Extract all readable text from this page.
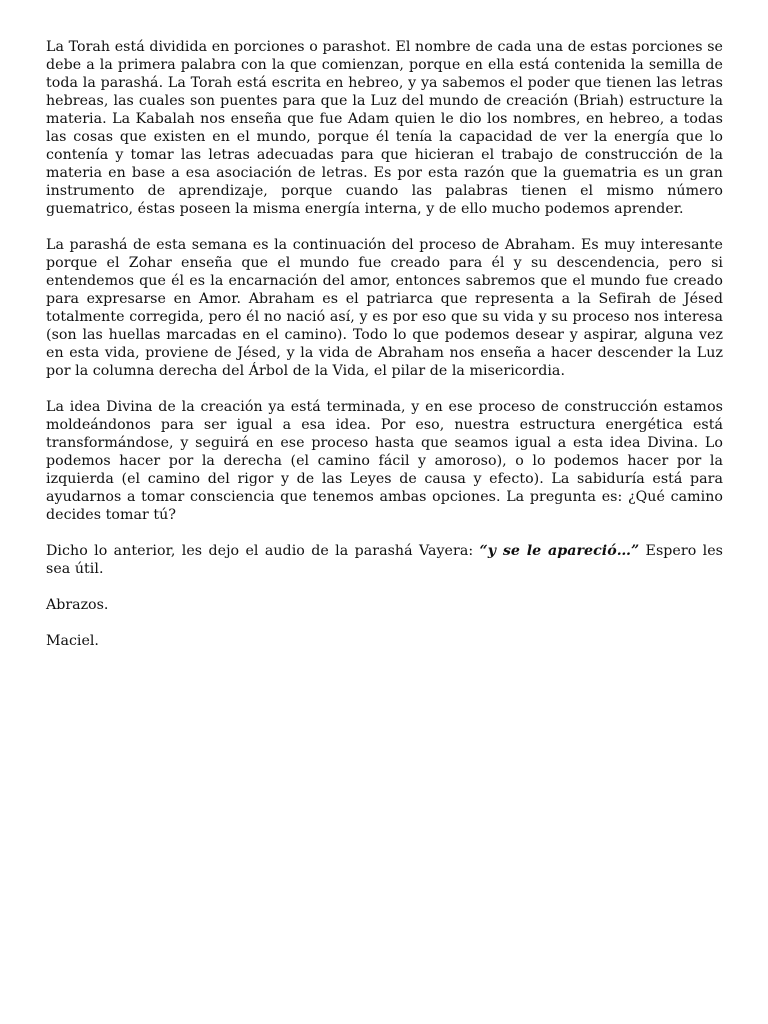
La Torah está dividida en porciones o parashot. El nombre de cada una de estas porciones se debe a la primera palabra con la que comienzan, porque en ella está contenida la semilla de toda la parashá. La Torah está escrita en hebreo, y ya sabemos el poder que tienen las letras hebreas, las cuales son puentes para que la Luz del mundo de creación (Briah) estructure la materia. La Kabalah nos enseña que fue Adam quien le dio los nombres, en hebreo, a todas las cosas que existen en el mundo, porque él tenía la capacidad de ver la energía que lo contenía y tomar las letras adecuadas para que hicieran el trabajo de construcción de la materia en base a esa asociación de letras. Es por esta razón que la guematria es un gran instrumento de aprendizaje, porque cuando las palabras tienen el mismo número guematrico, éstas poseen la misma energía interna, y de ello mucho podemos aprender.

La parashá de esta semana es la continuación del proceso de Abraham. Es muy interesante porque el Zohar enseña que el mundo fue creado para él y su descendencia, pero si entendemos que él es la encarnación del amor, entonces sabremos que el mundo fue creado para expresarse en Amor. Abraham es el patriarca que representa a la Sefirah de Jésed totalmente corregida, pero él no nació así, y es por eso que su vida y su proceso nos interesa (son las huellas marcadas en el camino). Todo lo que podemos desear y aspirar, alguna vez en esta vida, proviene de Jésed, y la vida de Abraham nos enseña a hacer descender la Luz por la columna derecha del Árbol de la Vida, el pilar de la misericordia.

La idea Divina de la creación ya está terminada, y en ese proceso de construcción estamos moldeándonos para ser igual a esa idea. Por eso, nuestra estructura energética está transformándose, y seguirá en ese proceso hasta que seamos igual a esta idea Divina. Lo podemos hacer por la derecha (el camino fácil y amoroso), o lo podemos hacer por la izquierda (el camino del rigor y de las Leyes de causa y efecto). La sabiduría está para ayudarnos a tomar consciencia que tenemos ambas opciones. La pregunta es: ¿Qué camino decides tomar tú?

Dicho lo anterior, les dejo el audio de la parashá Vayera: “y se le apareció…” Espero les sea útil.

Abrazos.

Maciel.
